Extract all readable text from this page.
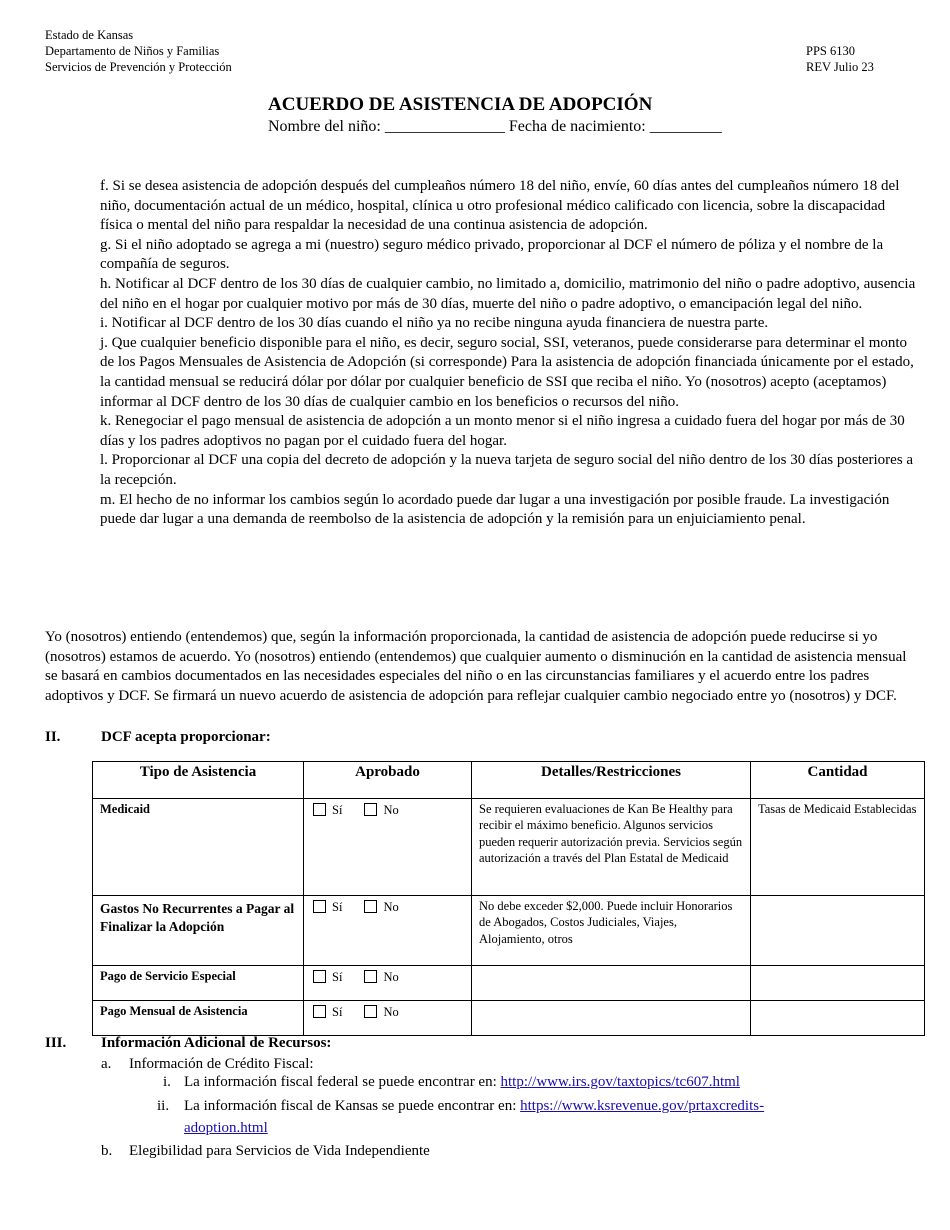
Estado de Kansas
Departamento de Niños y Familias
Servicios de Prevención y Protección
PPS 6130
REV Julio 23
ACUERDO DE ASISTENCIA DE ADOPCIÓN
Nombre del niño: _______________ Fecha de nacimiento: _________

f. Si se desea asistencia de adopción después del cumpleaños número 18 del niño, envíe, 60 días antes del cumpleaños número 18 del niño, documentación actual de un médico, hospital, clínica u otro profesional médico calificado con licencia, sobre la discapacidad física o mental del niño para respaldar la necesidad de una continua asistencia de adopción.

g. Si el niño adoptado se agrega a mi (nuestro) seguro médico privado, proporcionar al DCF el número de póliza y el nombre de la compañía de seguros.

h. Notificar al DCF dentro de los 30 días de cualquier cambio, no limitado a, domicilio, matrimonio del niño o padre adoptivo, ausencia del niño en el hogar por cualquier motivo por más de 30 días, muerte del niño o padre adoptivo, o emancipación legal del niño.

i. Notificar al DCF dentro de los 30 días cuando el niño ya no recibe ninguna ayuda financiera de nuestra parte.

j. Que cualquier beneficio disponible para el niño, es decir, seguro social, SSI, veteranos, puede considerarse para determinar el monto de los Pagos Mensuales de Asistencia de Adopción (si corresponde) Para la asistencia de adopción financiada únicamente por el estado, la cantidad mensual se reducirá dólar por dólar por cualquier beneficio de SSI que reciba el niño. Yo (nosotros) acepto (aceptamos) informar al DCF dentro de los 30 días de cualquier cambio en los beneficios o recursos del niño.

k. Renegociar el pago mensual de asistencia de adopción a un monto menor si el niño ingresa a cuidado fuera del hogar por más de 30 días y los padres adoptivos no pagan por el cuidado fuera del hogar.

l. Proporcionar al DCF una copia del decreto de adopción y la nueva tarjeta de seguro social del niño dentro de los 30 días posteriores a la recepción.

m. El hecho de no informar los cambios según lo acordado puede dar lugar a una investigación por posible fraude. La investigación puede dar lugar a una demanda de reembolso de la asistencia de adopción y la remisión para un enjuiciamiento penal.

Yo (nosotros) entiendo (entendemos) que, según la información proporcionada, la cantidad de asistencia de adopción puede reducirse si yo (nosotros) estamos de acuerdo. Yo (nosotros) entiendo (entendemos) que cualquier aumento o disminución en la cantidad de asistencia mensual se basará en cambios documentados en las necesidades especiales del niño o en las circunstancias familiares y el acuerdo entre los padres adoptivos y DCF. Se firmará un nuevo acuerdo de asistencia de adopción para reflejar cualquier cambio negociado entre yo (nosotros) y DCF.

II.	DCF acepta proporcionar:
Tipo de Asistencia	Aprobado	Detalles/Restricciones	Cantidad
Medicaid	Sí No	Se requieren evaluaciones de Kan Be Healthy para recibir el máximo beneficio. Algunos servicios pueden requerir autorización previa. Servicios según autorización a través del Plan Estatal de Medicaid	Tasas de Medicaid Establecidas
Gastos No Recurrentes a Pagar al Finalizar la Adopción	Sí No	No debe exceder $2,000. Puede incluir Honorarios de Abogados, Costos Judiciales, Viajes, Alojamiento, otros	
Pago de Servicio Especial	Sí No		
Pago Mensual de Asistencia	Sí No		
III. Información Adicional de Recursos:
a. Información de Crédito Fiscal:
i. La información fiscal federal se puede encontrar en: http://www.irs.gov/taxtopics/tc607.html
ii. La información fiscal de Kansas se puede encontrar en: https://www.ksrevenue.gov/prtaxcredits-
adoption.html
b. Elegibilidad para Servicios de Vida Independiente
